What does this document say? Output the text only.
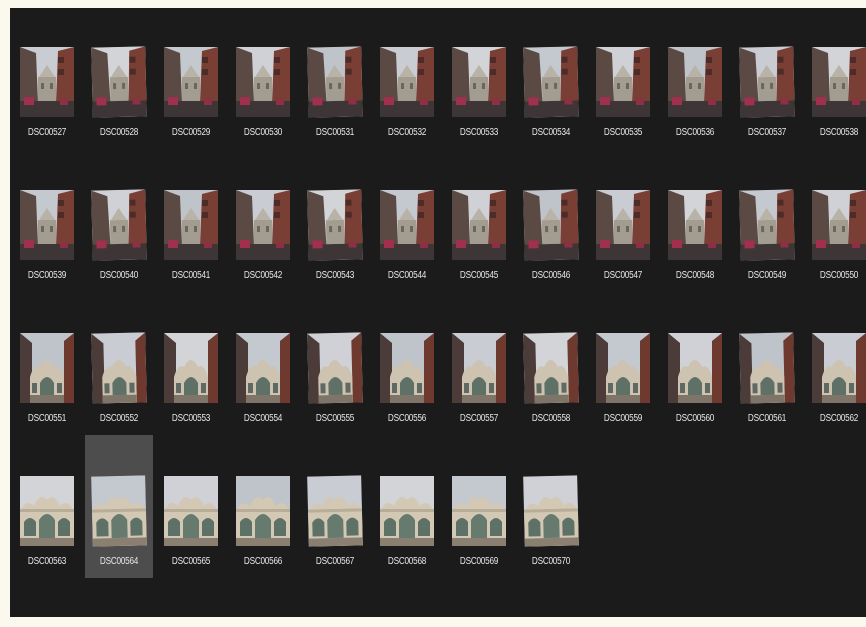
DSC00527	DSC00528	DSC00529	DSC00530	DSC00531	DSC00532	DSC00533	DSC00534	DSC00535	DSC00536	DSC00537	DSC00538
DSC00539	DSC00540	DSC00541	DSC00542	DSC00543	DSC00544	DSC00545	DSC00546	DSC00547	DSC00548	DSC00549	DSC00550
DSC00551	DSC00552	DSC00553	DSC00554	DSC00555	DSC00556	DSC00557	DSC00558	DSC00559	DSC00560	DSC00561	DSC00562
DSC00563	DSC00564	DSC00565	DSC00566	DSC00567	DSC00568	DSC00569	DSC00570
